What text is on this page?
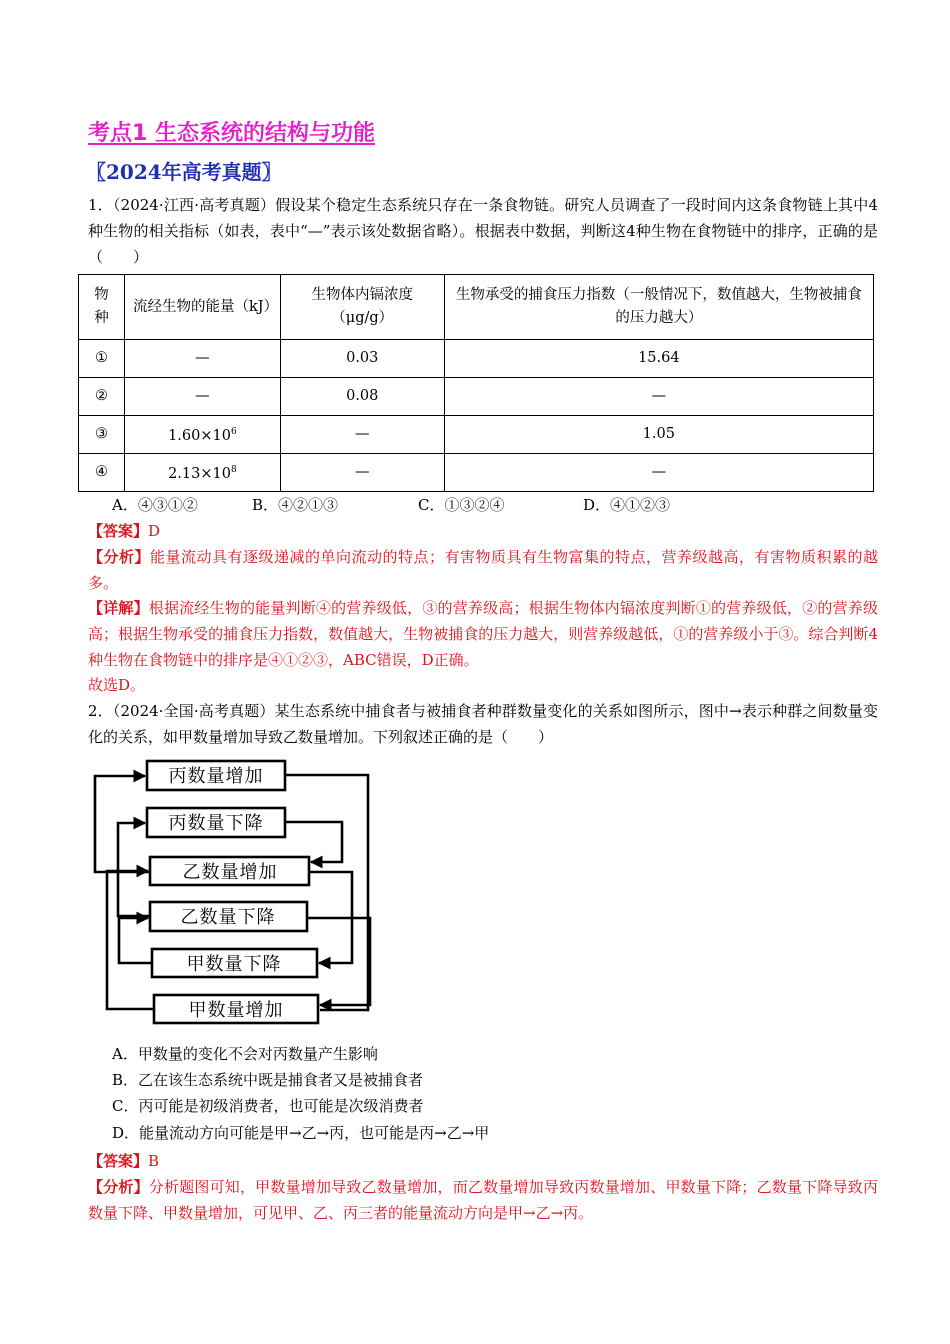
考点1 生态系统的结构与功能
〖2024年高考真题〗

1．（2024·江西·高考真题）假设某个稳定生态系统只存在一条食物链。研究人员调查了一段时间内这条食物链上其中4种生物的相关指标（如表，表中“—”表示该处数据省略）。根据表中数据，判断这4种生物在食物链中的排序，正确的是（　　）

物种	流经生物的能量（kJ）	生物体内镉浓度（μg/g）	生物承受的捕食压力指数（一般情况下，数值越大，生物被捕食的压力越大）
①	—	0.03	15.64
②	—	0.08	—
③	$1.60\times 10^6$	—	1.05
④	$2.13\times 10^8$	—	—
A．④③①②	B．④②①③	C．①③②④	D．④①②③

【答案】D

【分析】能量流动具有逐级递减的单向流动的特点；有害物质具有生物富集的特点，营养级越高，有害物质积累的越多。

【详解】根据流经生物的能量判断④的营养级低，③的营养级高；根据生物体内镉浓度判断①的营养级低，②的营养级高；根据生物承受的捕食压力指数，数值越大，生物被捕食的压力越大，则营养级越低，①的营养级小于③。综合判断4种生物在食物链中的排序是④①②③，ABC错误，D正确。

故选D。

2．（2024·全国·高考真题）某生态系统中捕食者与被捕食者种群数量变化的关系如图所示，图中→表示种群之间数量变化的关系，如甲数量增加导致乙数量增加。下列叙述正确的是（　　）

丙数量增加
丙数量下降
乙数量增加
乙数量下降
甲数量下降
甲数量增加
A．甲数量的变化不会对丙数量产生影响
B．乙在该生态系统中既是捕食者又是被捕食者
C．丙可能是初级消费者，也可能是次级消费者
D．能量流动方向可能是甲→乙→丙，也可能是丙→乙→甲

【答案】B

【分析】分析题图可知，甲数量增加导致乙数量增加，而乙数量增加导致丙数量增加、甲数量下降；乙数量下降导致丙数量下降、甲数量增加，可见甲、乙、丙三者的能量流动方向是甲→乙→丙。
